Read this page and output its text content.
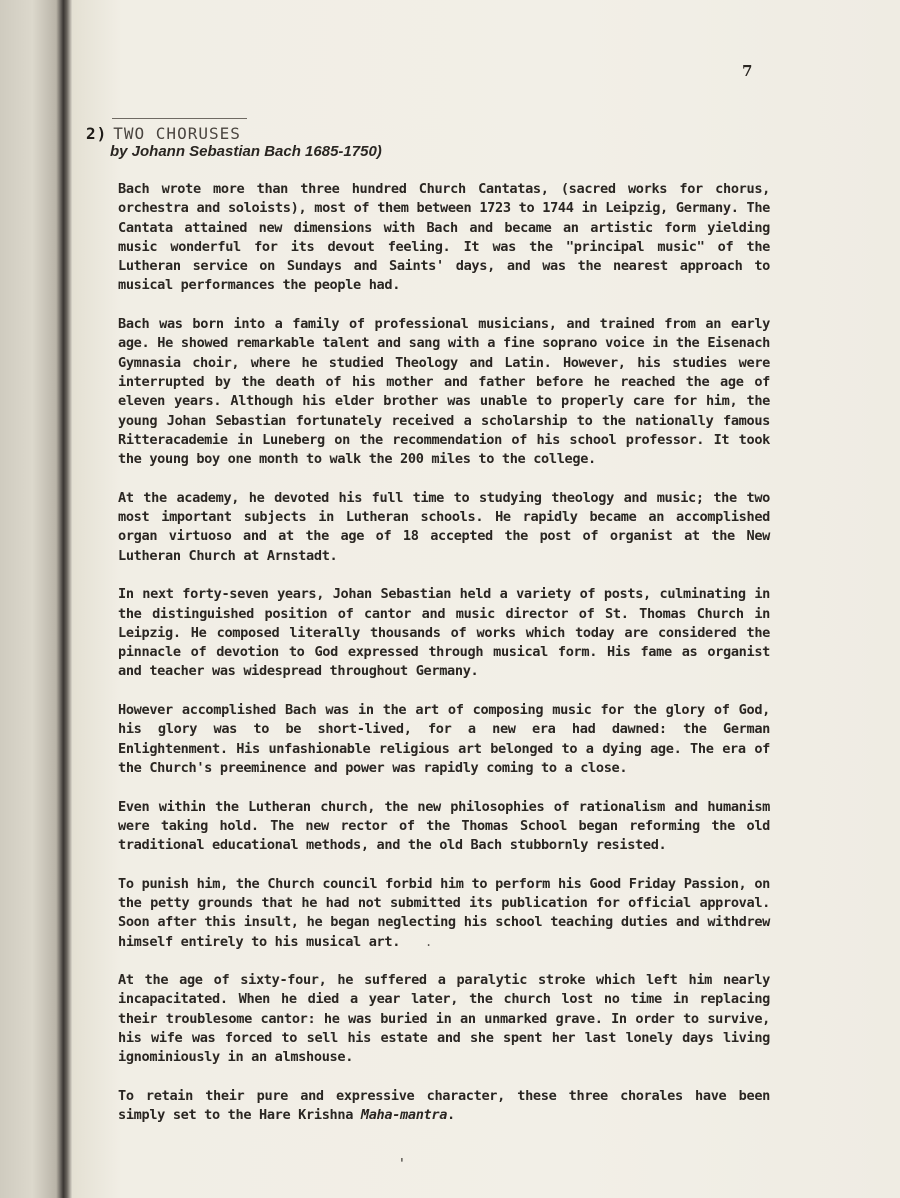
7
2) TWO CHORUSES
by Johann Sebastian Bach 1685-1750)

Bach wrote more than three hundred Church Cantatas, (sacred works for chorus, orchestra and soloists), most of them between 1723 to 1744 in Leipzig, Germany. The Cantata attained new dimensions with Bach and became an artistic form yielding music wonderful for its devout feeling. It was the "principal music" of the Lutheran service on Sundays and Saints' days, and was the nearest approach to musical performances the people had.

Bach was born into a family of professional musicians, and trained from an early age. He showed remarkable talent and sang with a fine soprano voice in the Eisenach Gymnasia choir, where he studied Theology and Latin. However, his studies were interrupted by the death of his mother and father before he reached the age of eleven years. Although his elder brother was unable to properly care for him, the young Johan Sebastian fortunately received a scholarship to the nationally famous Ritteracademie in Luneberg on the recommendation of his school professor. It took the young boy one month to walk the 200 miles to the college.

At the academy, he devoted his full time to studying theology and music; the two most important subjects in Lutheran schools. He rapidly became an accomplished organ virtuoso and at the age of 18 accepted the post of organist at the New Lutheran Church at Arnstadt.

In next forty-seven years, Johan Sebastian held a variety of posts, culminating in the distinguished position of cantor and music director of St. Thomas Church in Leipzig. He composed literally thousands of works which today are considered the pinnacle of devotion to God expressed through musical form. His fame as organist and teacher was widespread throughout Germany.

However accomplished Bach was in the art of composing music for the glory of God, his glory was to be short-lived, for a new era had dawned: the German Enlightenment. His unfashionable religious art belonged to a dying age. The era of the Church's preeminence and power was rapidly coming to a close.

Even within the Lutheran church, the new philosophies of rationalism and humanism were taking hold. The new rector of the Thomas School began reforming the old traditional educational methods, and the old Bach stubbornly resisted.

To punish him, the Church council forbid him to perform his Good Friday Passion, on the petty grounds that he had not submitted its publication for official approval. Soon after this insult, he began neglecting his school teaching duties and withdrew himself entirely to his musical art.

At the age of sixty-four, he suffered a paralytic stroke which left him nearly incapacitated. When he died a year later, the church lost no time in replacing their troublesome cantor: he was buried in an unmarked grave. In order to survive, his wife was forced to sell his estate and she spent her last lonely days living ignominiously in an almshouse.

To retain their pure and expressive character, these three chorales have been simply set to the Hare Krishna Maha-mantra.

.
'
